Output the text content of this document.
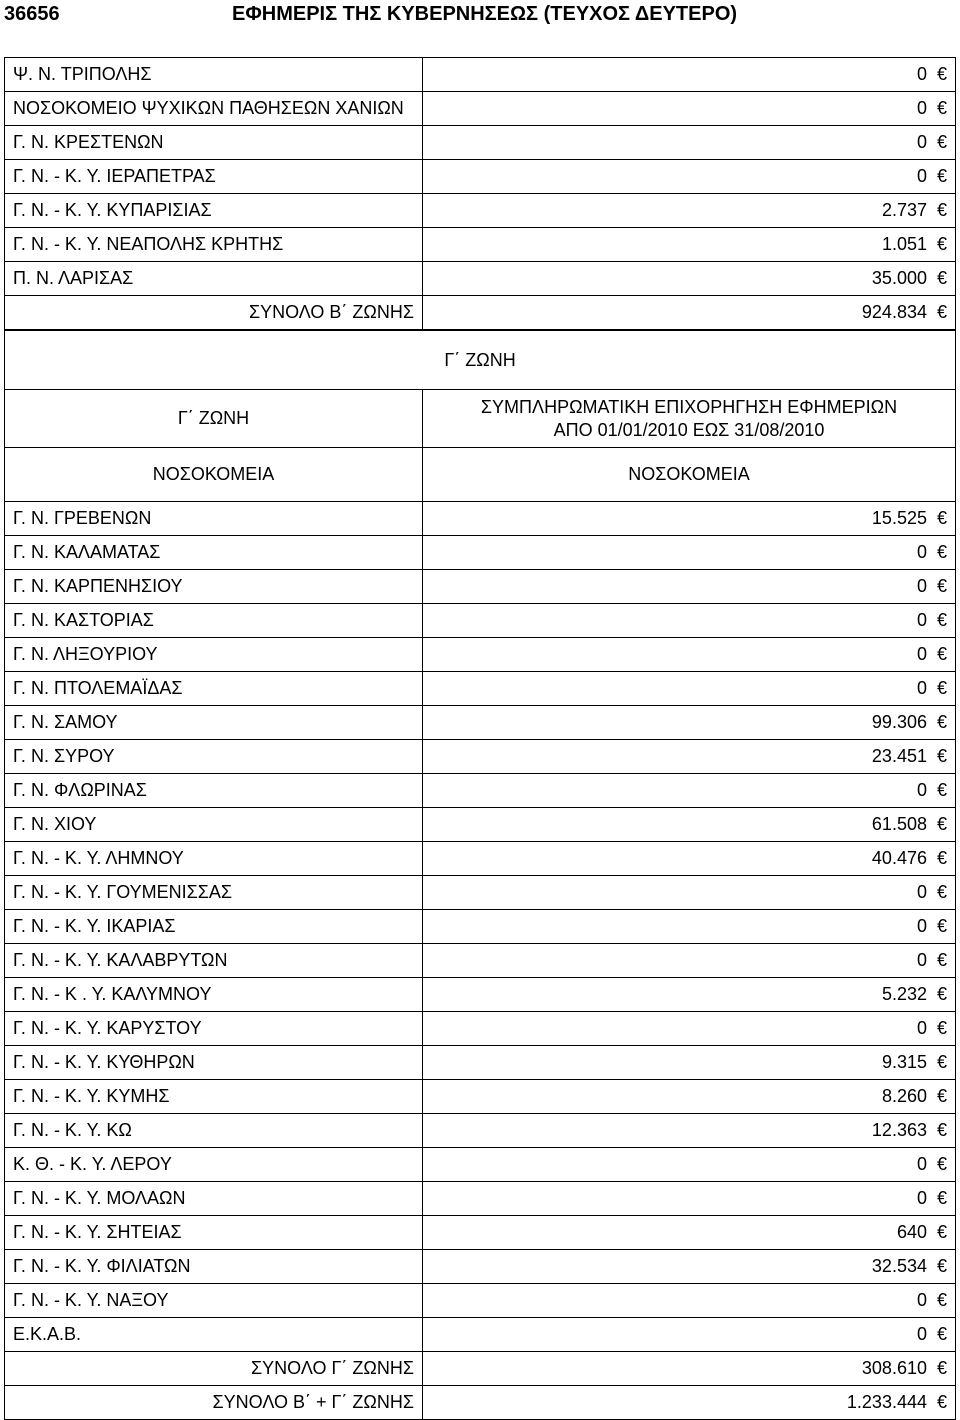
36656	ΕΦΗΜΕΡΙΣ ΤΗΣ ΚΥΒΕΡΝΗΣΕΩΣ (ΤΕΥΧΟΣ ΔΕΥΤΕΡΟ)
Ψ. Ν. ΤΡΙΠΟΛΗΣ	0 €
ΝΟΣΟΚΟΜΕΙΟ ΨΥΧΙΚΩΝ ΠΑΘΗΣΕΩΝ ΧΑΝΙΩΝ	0 €
Γ. Ν. ΚΡΕΣΤΕΝΩΝ	0 €
Γ. Ν. - Κ. Υ. ΙΕΡΑΠΕΤΡΑΣ	0 €
Γ. Ν. - Κ. Υ. ΚΥΠΑΡΙΣΙΑΣ	2.737 €
Γ. Ν. - Κ. Υ. ΝΕΑΠΟΛΗΣ ΚΡΗΤΗΣ	1.051 €
Π. Ν. ΛΑΡΙΣΑΣ	35.000 €
ΣΥΝΟΛΟ Β΄ ΖΩΝΗΣ	924.834 €
Γ΄ ΖΩΝΗ	
Γ΄ ΖΩΝΗ	ΣΥΜΠΛΗΡΩΜΑΤΙΚΗ ΕΠΙΧΟΡΗΓΗΣΗ ΕΦΗΜΕΡΙΩΝ
ΑΠΟ 01/01/2010 ΕΩΣ 31/08/2010

ΝΟΣΟΚΟΜΕΙΑ	ΝΟΣΟΚΟΜΕΙΑ
Γ. Ν. ΓΡΕΒΕΝΩΝ	15.525 €
Γ. Ν. ΚΑΛΑΜΑΤΑΣ	0 €
Γ. Ν. ΚΑΡΠΕΝΗΣΙΟΥ	0 €
Γ. Ν. ΚΑΣΤΟΡΙΑΣ	0 €
Γ. Ν. ΛΗΞΟΥΡΙΟΥ	0 €
Γ. Ν. ΠΤΟΛΕΜΑΪΔΑΣ	0 €
Γ. Ν. ΣΑΜΟΥ	99.306 €
Γ. Ν. ΣΥΡΟΥ	23.451 €
Γ. Ν. ΦΛΩΡΙΝΑΣ	0 €
Γ. Ν. ΧΙΟΥ	61.508 €
Γ. Ν. - Κ. Υ. ΛΗΜΝΟΥ	40.476 €
Γ. Ν. - Κ. Υ. ΓΟΥΜΕΝΙΣΣΑΣ	0 €
Γ. Ν. - Κ. Υ. ΙΚΑΡΙΑΣ	0 €
Γ. Ν. - Κ. Υ. ΚΑΛΑΒΡΥΤΩΝ	0 €
Γ. Ν. - Κ . Υ. ΚΑΛΥΜΝΟΥ	5.232 €
Γ. Ν. - Κ. Υ. ΚΑΡΥΣΤΟΥ	0 €
Γ. Ν. - Κ. Υ. ΚΥΘΗΡΩΝ	9.315 €
Γ. Ν. - Κ. Υ. ΚΥΜΗΣ	8.260 €
Γ. Ν. - Κ. Υ. ΚΩ	12.363 €
Κ. Θ. - Κ. Υ. ΛΕΡΟΥ	0 €
Γ. Ν. - Κ. Υ. ΜΟΛΑΩΝ	0 €
Γ. Ν. - Κ. Υ. ΣΗΤΕΙΑΣ	640 €
Γ. Ν. - Κ. Υ. ΦΙΛΙΑΤΩΝ	32.534 €
Γ. Ν. - Κ. Υ. ΝΑΞΟΥ	0 €
Ε.Κ.Α.Β.	0 €
ΣΥΝΟΛΟ Γ΄ ΖΩΝΗΣ	308.610 €
ΣΥΝΟΛΟ Β΄ + Γ΄ ΖΩΝΗΣ	1.233.444 €
